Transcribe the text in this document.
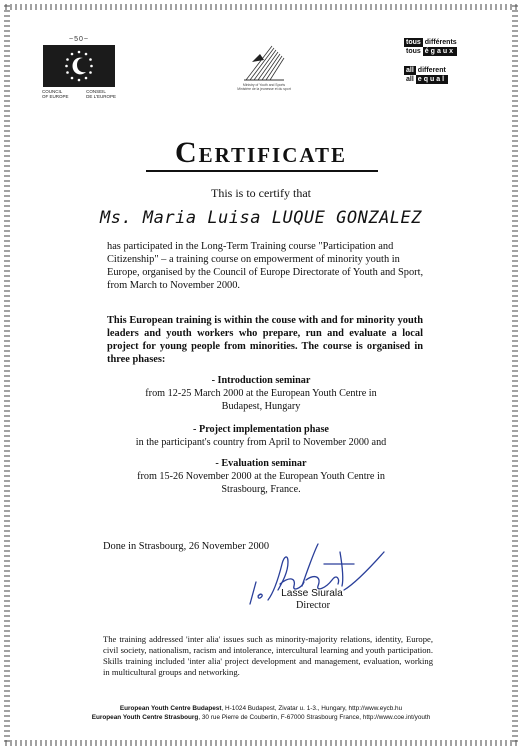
~50~
COUNCIL
OF EUROPE
CONSEIL
DE L'EUROPE
Ministry of Youth and Sports
Ministère de la jeunesse et du sport
tous différents
tous égaux
all different
all equal
Certificate
This is to certify that
Ms. Maria Luisa LUQUE GONZALEZ
has participated in the Long-Term Training course "Participation and Citizenship" – a training course on empowerment of minority youth in Europe, organised by the Council of Europe Directorate of Youth and Sport, from March to November 2000.
This European training is within the couse with and for minority youth leaders and youth workers who prepare, run and evaluate a local project for young people from minorities. The course is organised in three phases:
- Introduction seminar
from 12-25 March 2000 at the European Youth Centre in
Budapest, Hungary
- Project implementation phase
in the participant's country from April to November 2000 and
- Evaluation seminar
from 15-26 November 2000 at the European Youth Centre in
Strasbourg, France.
Done in Strasbourg, 26 November 2000
Lasse Siurala
Director
The training addressed 'inter alia' issues such as minority-majority relations, identity, Europe, civil society, nationalism, racism and intolerance, intercultural learning and youth participation. Skills training included 'inter alia' project development and management, evaluation, working in multicultural groups and networking.
European Youth Centre Budapest, H-1024 Budapest, Zivatar u. 1-3., Hungary, http://www.eycb.hu
European Youth Centre Strasbourg, 30 rue Pierre de Coubertin, F-67000 Strasbourg France, http://www.coe.int/youth
